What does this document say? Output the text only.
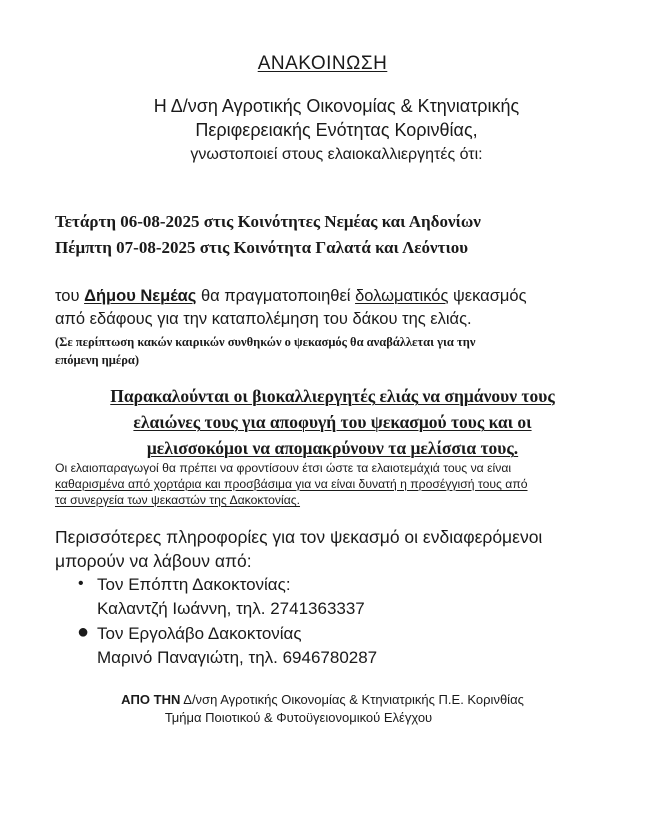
ΑΝΑΚΟΙΝΩΣΗ
Η Δ/νση Αγροτικής Οικονομίας & Κτηνιατρικής
Περιφερειακής Ενότητας Κορινθίας,
γνωστοποιεί στους ελαιοκαλλιεργητές ότι:
Τετάρτη 06-08-2025 στις Κοινότητες Νεμέας και Αηδονίων
Πέμπτη 07-08-2025 στις Κοινότητα Γαλατά και Λεόντιου
του Δήμου Νεμέας θα πραγματοποιηθεί δολωματικός ψεκασμός
από εδάφους για την καταπολέμηση του δάκου της ελιάς.
(Σε περίπτωση κακών καιρικών συνθηκών ο ψεκασμός θα αναβάλλεται για την
επόμενη ημέρα)
Παρακαλούνται οι βιοκαλλιεργητές ελιάς να σημάνουν τους
ελαιώνες τους για αποφυγή του ψεκασμού τους και οι
μελισσοκόμοι να απομακρύνουν τα μελίσσια τους.
Οι ελαιοπαραγωγοί θα πρέπει να φροντίσουν έτσι ώστε τα ελαιοτεμάχιά τους να είναι
καθαρισμένα από χορτάρια και προσβάσιμα για να είναι δυνατή η προσέγγισή τους από
τα συνεργεία των ψεκαστών της Δακοκτονίας.
Περισσότερες πληροφορίες για τον ψεκασμό οι ενδιαφερόμενοι
μπορούν να λάβουν από:
• Τον Επόπτη Δακοκτονίας:
Καλαντζή Ιωάννη, τηλ. 2741363337
● Τον Εργολάβο Δακοκτονίας
Μαρινό Παναγιώτη, τηλ. 6946780287
ΑΠΟ ΤΗΝ Δ/νση Αγροτικής Οικονομίας & Κτηνιατρικής Π.Ε. Κορινθίας
Τμήμα Ποιοτικού & Φυτοϋγειονομικού Ελέγχου
